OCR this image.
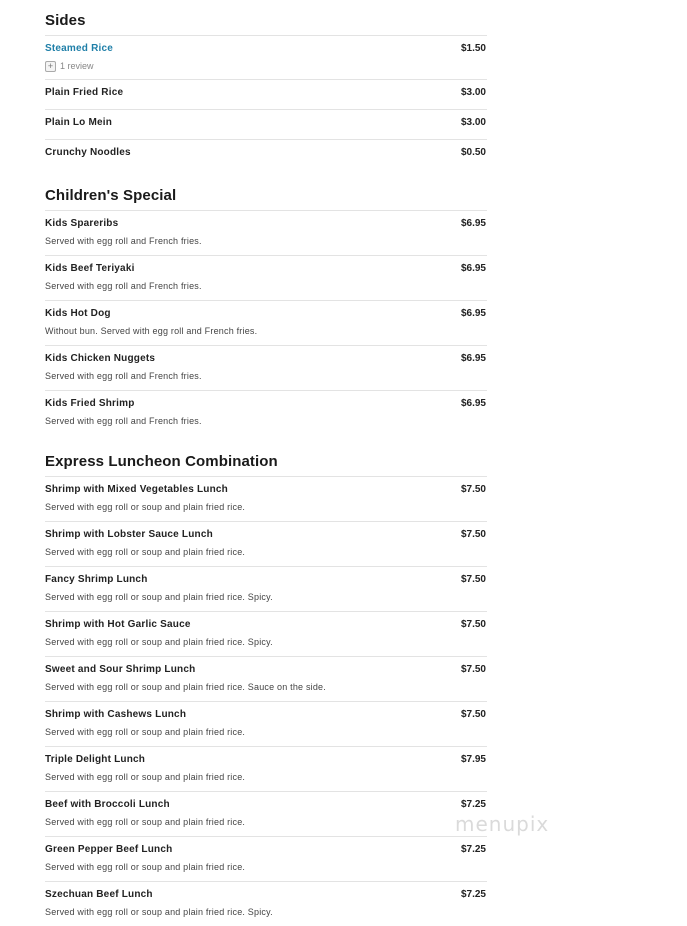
Sides
Steamed Rice	$1.50
+ 1 review
Plain Fried Rice	$3.00
Plain Lo Mein	$3.00
Crunchy Noodles	$0.50
Children's Special
Kids Spareribs	$6.95
Served with egg roll and French fries.
Kids Beef Teriyaki	$6.95
Served with egg roll and French fries.
Kids Hot Dog	$6.95
Without bun. Served with egg roll and French fries.
Kids Chicken Nuggets	$6.95
Served with egg roll and French fries.
Kids Fried Shrimp	$6.95
Served with egg roll and French fries.
Express Luncheon Combination
Shrimp with Mixed Vegetables Lunch	$7.50
Served with egg roll or soup and plain fried rice.
Shrimp with Lobster Sauce Lunch	$7.50
Served with egg roll or soup and plain fried rice.
Fancy Shrimp Lunch	$7.50
Served with egg roll or soup and plain fried rice. Spicy.
Shrimp with Hot Garlic Sauce	$7.50
Served with egg roll or soup and plain fried rice. Spicy.
Sweet and Sour Shrimp Lunch	$7.50
Served with egg roll or soup and plain fried rice. Sauce on the side.
Shrimp with Cashews Lunch	$7.50
Served with egg roll or soup and plain fried rice.
Triple Delight Lunch	$7.95
Served with egg roll or soup and plain fried rice.
Beef with Broccoli Lunch	$7.25
Served with egg roll or soup and plain fried rice.
Green Pepper Beef Lunch	$7.25
Served with egg roll or soup and plain fried rice.
Szechuan Beef Lunch	$7.25
Served with egg roll or soup and plain fried rice. Spicy.
menupix
